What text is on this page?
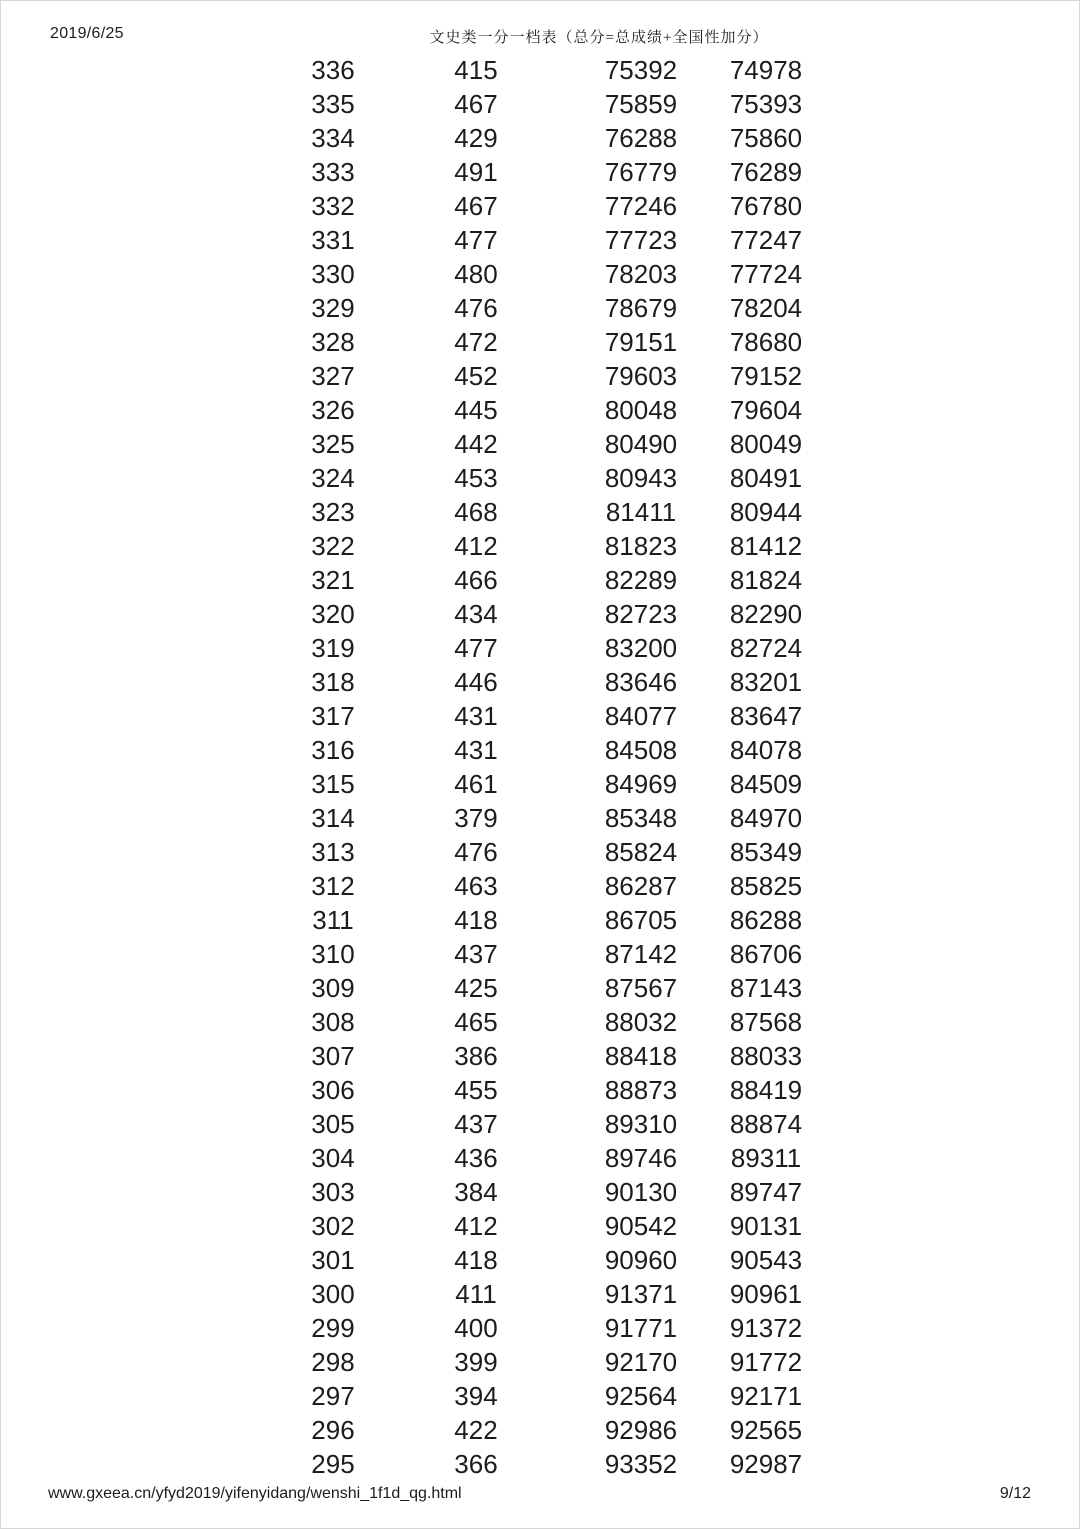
2019/6/25	文史类一分一档表（总分=总成绩+全国性加分）
336	415	75392	74978
335	467	75859	75393
334	429	76288	75860
333	491	76779	76289
332	467	77246	76780
331	477	77723	77247
330	480	78203	77724
329	476	78679	78204
328	472	79151	78680
327	452	79603	79152
326	445	80048	79604
325	442	80490	80049
324	453	80943	80491
323	468	81411	80944
322	412	81823	81412
321	466	82289	81824
320	434	82723	82290
319	477	83200	82724
318	446	83646	83201
317	431	84077	83647
316	431	84508	84078
315	461	84969	84509
314	379	85348	84970
313	476	85824	85349
312	463	86287	85825
311	418	86705	86288
310	437	87142	86706
309	425	87567	87143
308	465	88032	87568
307	386	88418	88033
306	455	88873	88419
305	437	89310	88874
304	436	89746	89311
303	384	90130	89747
302	412	90542	90131
301	418	90960	90543
300	411	91371	90961
299	400	91771	91372
298	399	92170	91772
297	394	92564	92171
296	422	92986	92565
295	366	93352	92987
www.gxeea.cn/yfyd2019/yifenyidang/wenshi_1f1d_qg.html	9/12
